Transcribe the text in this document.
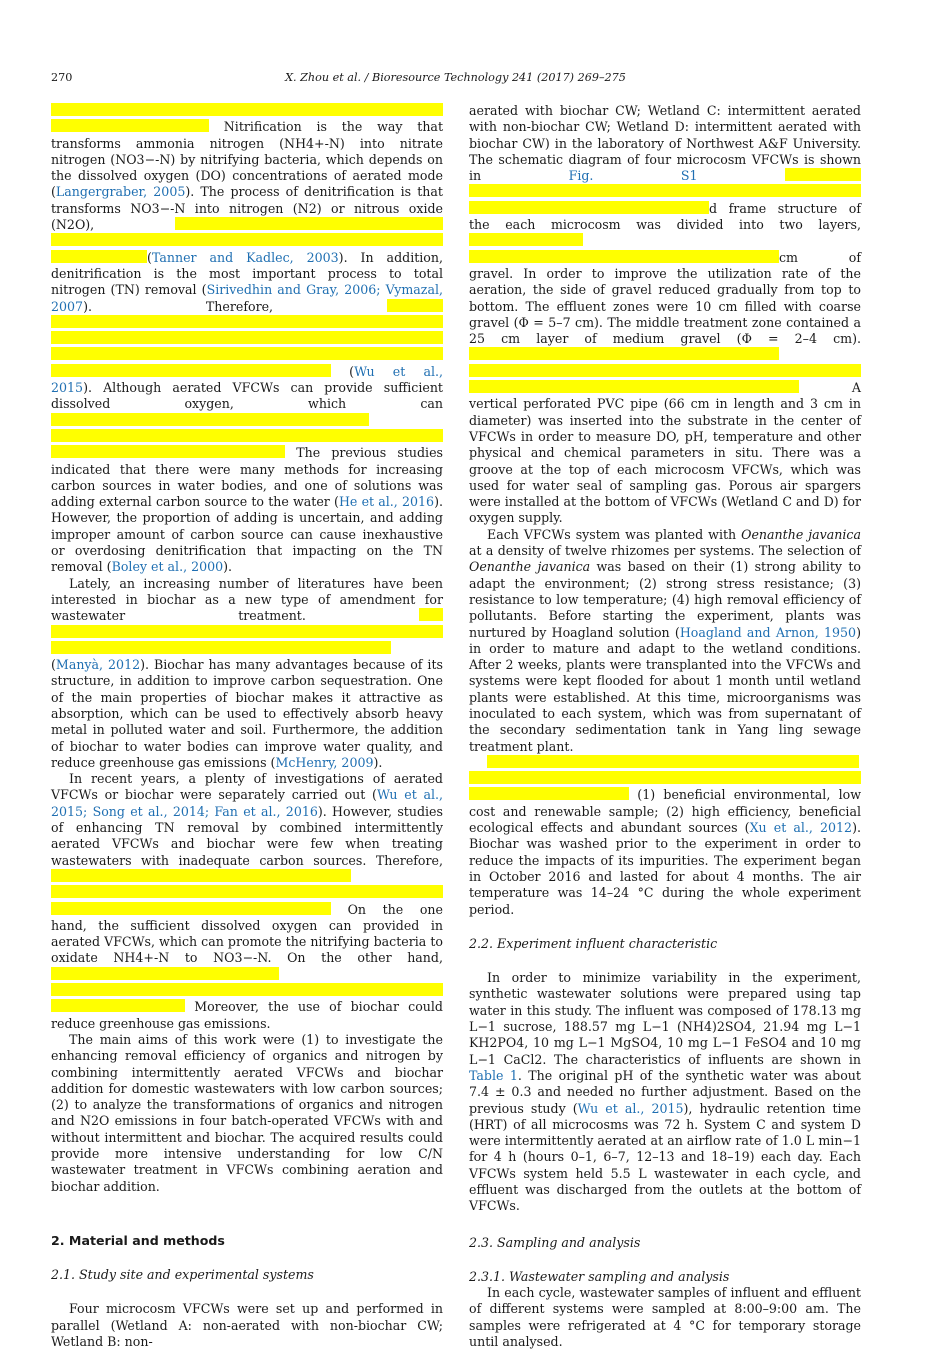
270	X. Zhou et al. / Bioresource Technology 241 (2017) 269–275

Nitrification is the way that transforms ammonia nitrogen (NH4+-N) into nitrate nitrogen (NO3−-N) by nitrifying bacteria, which depends on the dissolved oxygen (DO) concentrations of aerated mode (Langergraber, 2005). The process of denitrification is that transforms NO3−-N into nitrogen (N2) or nitrous oxide (N2O),   (Tanner and Kadlec, 2003). In addition, denitrification is the most important process to total nitrogen (TN) removal (Sirivedhin and Gray, 2006; Vymazal, 2007). Therefore,      (Wu et al., 2015). Although aerated VFCWs can provide sufficient dissolved oxygen, which can    The previous studies indicated that there were many methods for increasing carbon sources in water bodies, and one of solutions was adding external carbon source to the water (He et al., 2016). However, the proportion of adding is uncertain, and adding improper amount of carbon source can cause inexhaustive or overdosing denitrification that impacting on the TN removal (Boley et al., 2000).

Lately, an increasing number of literatures have been interested in biochar as a new type of amendment for wastewater treatment.   (Manyà, 2012). Biochar has many advantages because of its structure, in addition to improve carbon sequestration. One of the main properties of biochar makes it attractive as absorption, which can be used to effectively absorb heavy metal in polluted water and soil. Furthermore, the addition of biochar to water bodies can improve water quality, and reduce greenhouse gas emissions (McHenry, 2009).

In recent years, a plenty of investigations of aerated VFCWs or biochar were separately carried out (Wu et al., 2015; Song et al., 2014; Fan et al., 2016). However, studies of enhancing TN removal by combined intermittently aerated VFCWs and biochar were few when treating wastewaters with inadequate carbon sources. Therefore,    On the one hand, the sufficient dissolved oxygen can provided in aerated VFCWs, which can promote the nitrifying bacteria to oxidate NH4+-N to NO3−-N. On the other hand,    Moreover, the use of biochar could reduce greenhouse gas emissions.

The main aims of this work were (1) to investigate the enhancing removal efficiency of organics and nitrogen by combining intermittently aerated VFCWs and biochar addition for domestic wastewaters with low carbon sources; (2) to analyze the transformations of organics and nitrogen and N2O emissions in four batch-operated VFCWs with and without intermittent and biochar. The acquired results could provide more intensive understanding for low C/N wastewater treatment in VFCWs combining aeration and biochar addition.

2. Material and methods
2.1. Study site and experimental systems

Four microcosm VFCWs were set up and performed in parallel (Wetland A: non-aerated with non-biochar CW; Wetland B: non-

aerated with biochar CW; Wetland C: intermittent aerated with non-biochar CW; Wetland D: intermittent aerated with biochar CW) in the laboratory of Northwest A&F University. The schematic diagram of four microcosm VFCWs is shown in Fig. S1   d frame structure of the each microcosm was divided into two layers,  cm of gravel. In order to improve the utilization rate of the aeration, the side of gravel reduced gradually from top to bottom. The effluent zones were 10 cm filled with coarse gravel (Φ = 5–7 cm). The middle treatment zone contained a 25 cm layer of medium gravel (Φ = 2–4 cm).    A vertical perforated PVC pipe (66 cm in length and 3 cm in diameter) was inserted into the substrate in the center of VFCWs in order to measure DO, pH, temperature and other physical and chemical parameters in situ. There was a groove at the top of each microcosm VFCWs, which was used for water seal of sampling gas. Porous air spargers were installed at the bottom of VFCWs (Wetland C and D) for oxygen supply.

Each VFCWs system was planted with Oenanthe javanica at a density of twelve rhizomes per systems. The selection of Oenanthe javanica was based on their (1) strong ability to adapt the environment; (2) strong stress resistance; (3) resistance to low temperature; (4) high removal efficiency of pollutants. Before starting the experiment, plants was nurtured by Hoagland solution (Hoagland and Arnon, 1950) in order to mature and adapt to the wetland conditions. After 2 weeks, plants were transplanted into the VFCWs and systems were kept flooded for about 1 month until wetland plants were established. At this time, microorganisms was inoculated to each system, which was from supernatant of the secondary sedimentation tank in Yang ling sewage treatment plant.

(1) beneficial environmental, low cost and renewable sample; (2) high efficiency, beneficial ecological effects and abundant sources (Xu et al., 2012). Biochar was washed prior to the experiment in order to reduce the impacts of its impurities. The experiment began in October 2016 and lasted for about 4 months. The air temperature was 14–24 °C during the whole experiment period.

2.2. Experiment influent characteristic

In order to minimize variability in the experiment, synthetic wastewater solutions were prepared using tap water in this study. The influent was composed of 178.13 mg L−1 sucrose, 188.57 mg L−1 (NH4)2SO4, 21.94 mg L−1 KH2PO4, 10 mg L−1 MgSO4, 10 mg L−1 FeSO4 and 10 mg L−1 CaCl2. The characteristics of influents are shown in Table 1. The original pH of the synthetic water was about 7.4 ± 0.3 and needed no further adjustment. Based on the previous study (Wu et al., 2015), hydraulic retention time (HRT) of all microcosms was 72 h. System C and system D were intermittently aerated at an airflow rate of 1.0 L min−1 for 4 h (hours 0–1, 6–7, 12–13 and 18–19) each day. Each VFCWs system held 5.5 L wastewater in each cycle, and effluent was discharged from the outlets at the bottom of VFCWs.

2.3. Sampling and analysis
2.3.1. Wastewater sampling and analysis

In each cycle, wastewater samples of influent and effluent of different systems were sampled at 8:00–9:00 am. The samples were refrigerated at 4 °C for temporary storage until analysed.
